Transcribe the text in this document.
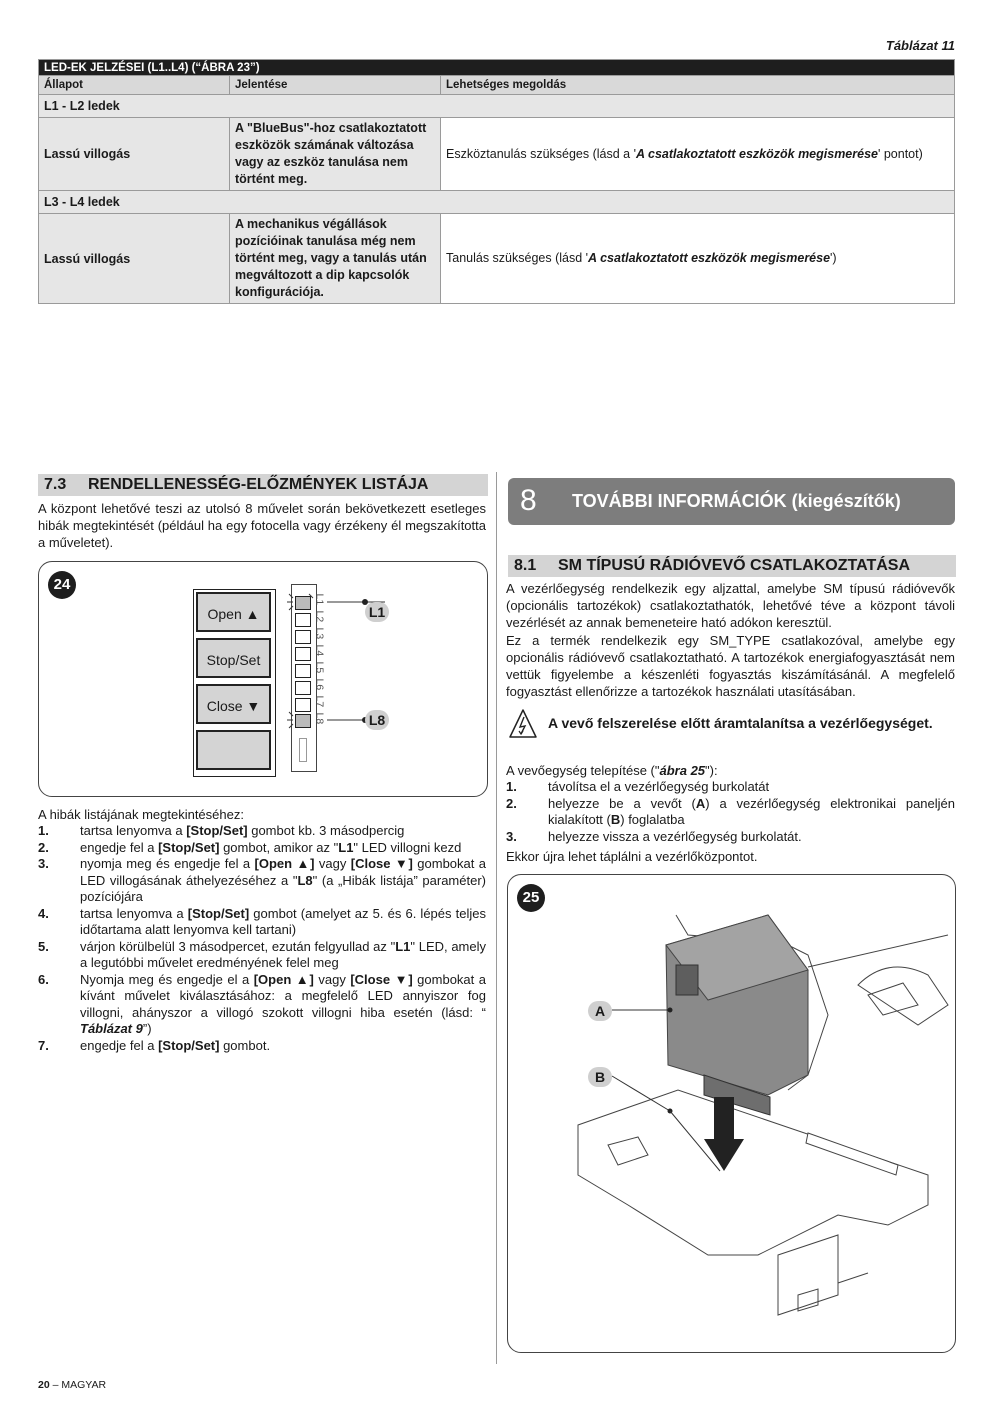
Táblázat 11
LED-EK JELZÉSEI (L1..L4) (“ÁBRA 23”)		
Állapot	Jelentése	Lehetséges megoldás
L1 - L2 ledek		
Lassú villogás	A "BlueBus"-hoz csatlakoztatott eszközök számának változása vagy az eszköz tanulása nem történt meg.	Eszköztanulás szükséges (lásd a 'A csatlakoztatott eszközök megismerése' pontot)
L3 - L4 ledek		
Lassú villogás	A mechanikus végállások pozícióinak tanulása még nem történt meg, vagy a tanulás után megváltozott a dip kapcsolók konfigurációja.	Tanulás szükséges (lásd 'A csatlakoztatott eszközök megismerése')
7.3 RENDELLENESSÉG-ELŐZMÉNYEK LISTÁJA
A központ lehetővé teszi az utolsó 8 művelet során bekövetkezett esetleges hibák megtekintését (például ha egy fotocella vagy érzékeny él megszakította a műveletet).
24
Open ▲
Stop/Set
Close ▼
L1
L2
L3
L4
L5
L6
L7
L8
L1
L8
A hibák listájának megtekintéséhez:
1. tartsa lenyomva a [Stop/Set] gombot kb. 3 másodpercig
2. engedje fel a [Stop/Set] gombot, amikor az "L1" LED villogni kezd
3. nyomja meg és engedje fel a [Open ▲] vagy [Close ▼] gombokat a LED villogásának áthelyezéséhez a "L8" (a „Hibák listája” paraméter) pozíciójára
4. tartsa lenyomva a [Stop/Set] gombot (amelyet az 5. és 6. lépés teljes időtartama alatt lenyomva kell tartani)
5. várjon körülbelül 3 másodpercet, ezután felgyullad az "L1" LED, amely a legutóbbi művelet eredményének felel meg
6. Nyomja meg és engedje el a [Open ▲] vagy [Close ▼] gombokat a kívánt művelet kiválasztásához: a megfelelő LED annyiszor fog villogni, ahányszor a villogó szokott villogni hiba esetén (lásd: “ Táblázat 9”)
7. engedje fel a [Stop/Set] gombot.
8 TOVÁBBI INFORMÁCIÓK (kiegészítők)
8.1 SM TÍPUSÚ RÁDIÓVEVŐ CSATLAKOZTATÁSA
A vezérlőegység rendelkezik egy aljzattal, amelybe SM típusú rádióvevők (opcionális tartozékok) csatlakoztathatók, lehetővé téve a központ távoli vezérlését az annak bemeneteire ható adókon keresztül.
Ez a termék rendelkezik egy SM_TYPE csatlakozóval, amelybe egy opcionális rádióvevő csatlakoztatható. A tartozékok energiafogyasztását nem vettük figyelembe a készenléti fogyasztás kiszámításánál. A megfelelő fogyasztást ellenőrizze a tartozékok használati utasításában.
A vevő felszerelése előtt áramtalanítsa a vezérlőegységet.
A vevőegység telepítése ("ábra 25"):
1. távolítsa el a vezérlőegység burkolatát
2. helyezze be a vevőt (A) a vezérlőegység elektronikai paneljén kialakított (B) foglalatba
3. helyezze vissza a vezérlőegység burkolatát.
Ekkor újra lehet táplálni a vezérlőközpontot.
25
A
B
20 – MAGYAR
